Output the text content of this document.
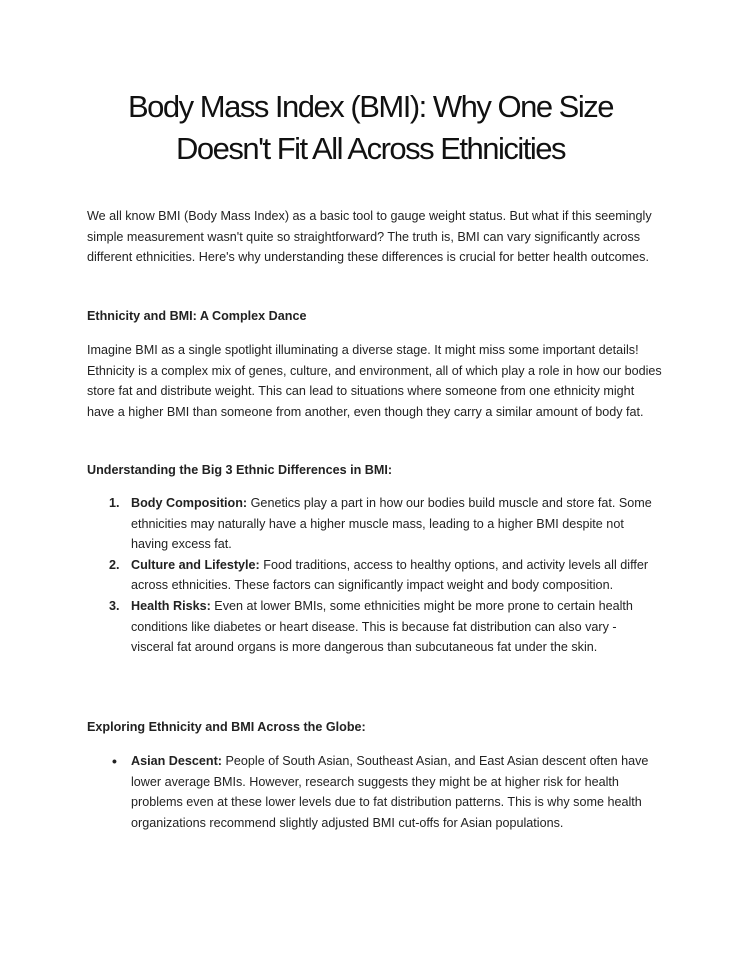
Body Mass Index (BMI): Why One Size
Doesn't Fit All Across Ethnicities

We all know BMI (Body Mass Index) as a basic tool to gauge weight status. But what if this seemingly simple measurement wasn't quite so straightforward? The truth is, BMI can vary significantly across different ethnicities. Here's why understanding these differences is crucial for better health outcomes.

Ethnicity and BMI: A Complex Dance

Imagine BMI as a single spotlight illuminating a diverse stage. It might miss some important details! Ethnicity is a complex mix of genes, culture, and environment, all of which play a role in how our bodies store fat and distribute weight. This can lead to situations where someone from one ethnicity might have a higher BMI than someone from another, even though they carry a similar amount of body fat.

Understanding the Big 3 Ethnic Differences in BMI:

1. Body Composition: Genetics play a part in how our bodies build muscle and store fat. Some ethnicities may naturally have a higher muscle mass, leading to a higher BMI despite not having excess fat.
2. Culture and Lifestyle: Food traditions, access to healthy options, and activity levels all differ across ethnicities. These factors can significantly impact weight and body composition.
3. Health Risks: Even at lower BMIs, some ethnicities might be more prone to certain health conditions like diabetes or heart disease. This is because fat distribution can also vary - visceral fat around organs is more dangerous than subcutaneous fat under the skin.

Exploring Ethnicity and BMI Across the Globe:

• Asian Descent: People of South Asian, Southeast Asian, and East Asian descent often have lower average BMIs. However, research suggests they might be at higher risk for health problems even at these lower levels due to fat distribution patterns. This is why some health organizations recommend slightly adjusted BMI cut-offs for Asian populations.
